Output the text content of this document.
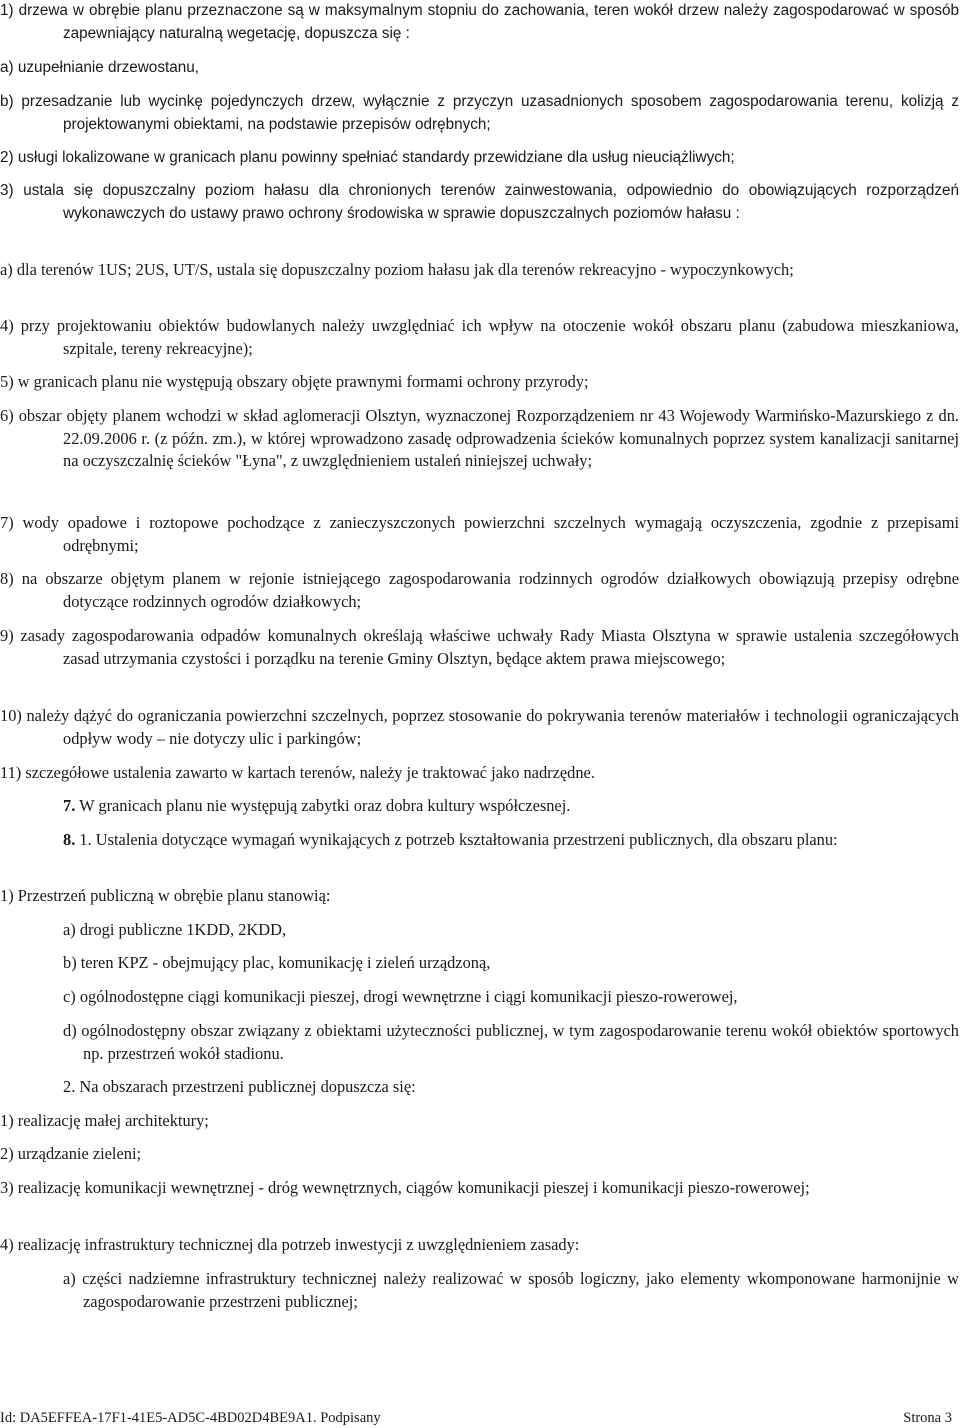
1) drzewa w obrębie planu przeznaczone są w maksymalnym stopniu do zachowania, teren wokół drzew należy zagospodarować w sposób zapewniający naturalną wegetację, dopuszcza się :

a) uzupełnianie drzewostanu,

b) przesadzanie lub wycinkę pojedynczych drzew, wyłącznie z przyczyn uzasadnionych sposobem zagospodarowania terenu, kolizją z projektowanymi obiektami, na podstawie przepisów odrębnych;

2) usługi lokalizowane w granicach planu powinny spełniać standardy przewidziane dla usług nieuciążliwych;

3) ustala się dopuszczalny poziom hałasu dla chronionych terenów zainwestowania, odpowiednio do obowiązujących rozporządzeń wykonawczych do ustawy prawo ochrony środowiska w sprawie dopuszczalnych poziomów hałasu :

a) dla terenów 1US; 2US, UT/S, ustala się dopuszczalny poziom hałasu jak dla terenów rekreacyjno - wypoczynkowych;

4) przy projektowaniu obiektów budowlanych należy uwzględniać ich wpływ na otoczenie wokół obszaru planu (zabudowa mieszkaniowa, szpitale, tereny rekreacyjne);

5) w granicach planu nie występują obszary objęte prawnymi formami ochrony przyrody;

6) obszar objęty planem wchodzi w skład aglomeracji Olsztyn, wyznaczonej Rozporządzeniem nr 43 Wojewody Warmińsko-Mazurskiego z dn. 22.09.2006 r. (z późn. zm.), w której wprowadzono zasadę odprowadzenia ścieków komunalnych poprzez system kanalizacji sanitarnej na oczyszczalnię ścieków "Łyna", z uwzględnieniem ustaleń niniejszej uchwały;

7) wody opadowe i roztopowe pochodzące z zanieczyszczonych powierzchni szczelnych wymagają oczyszczenia, zgodnie z przepisami odrębnymi;

8) na obszarze objętym planem w rejonie istniejącego zagospodarowania rodzinnych ogrodów działkowych obowiązują przepisy odrębne dotyczące rodzinnych ogrodów działkowych;

9) zasady zagospodarowania odpadów komunalnych określają właściwe uchwały Rady Miasta Olsztyna w sprawie ustalenia szczegółowych zasad utrzymania czystości i porządku na terenie Gminy Olsztyn, będące aktem prawa miejscowego;

10) należy dążyć do ograniczania powierzchni szczelnych, poprzez stosowanie do pokrywania terenów materiałów i technologii ograniczających odpływ wody – nie dotyczy ulic i parkingów;

11) szczegółowe ustalenia zawarto w kartach terenów, należy je traktować jako nadrzędne.

7. W granicach planu nie występują zabytki oraz dobra kultury współczesnej.

8. 1. Ustalenia dotyczące wymagań wynikających z potrzeb kształtowania przestrzeni publicznych, dla obszaru planu:

1) Przestrzeń publiczną w obrębie planu stanowią:

a) drogi publiczne 1KDD, 2KDD,

b) teren KPZ - obejmujący plac, komunikację i zieleń urządzoną,

c) ogólnodostępne ciągi komunikacji pieszej, drogi wewnętrzne i ciągi komunikacji pieszo-rowerowej,

d) ogólnodostępny obszar związany z obiektami użyteczności publicznej, w tym zagospodarowanie terenu wokół obiektów sportowych np. przestrzeń wokół stadionu.

2. Na obszarach przestrzeni publicznej dopuszcza się:

1) realizację małej architektury;

2) urządzanie zieleni;

3) realizację komunikacji wewnętrznej - dróg wewnętrznych, ciągów komunikacji pieszej i komunikacji pieszo-rowerowej;

4) realizację infrastruktury technicznej dla potrzeb inwestycji z uwzględnieniem zasady:

a) części nadziemne infrastruktury technicznej należy realizować w sposób logiczny, jako elementy wkomponowane harmonijnie w zagospodarowanie przestrzeni publicznej;

Id: DA5EFFEA-17F1-41E5-AD5C-4BD02D4BE9A1. Podpisany	Strona 3
